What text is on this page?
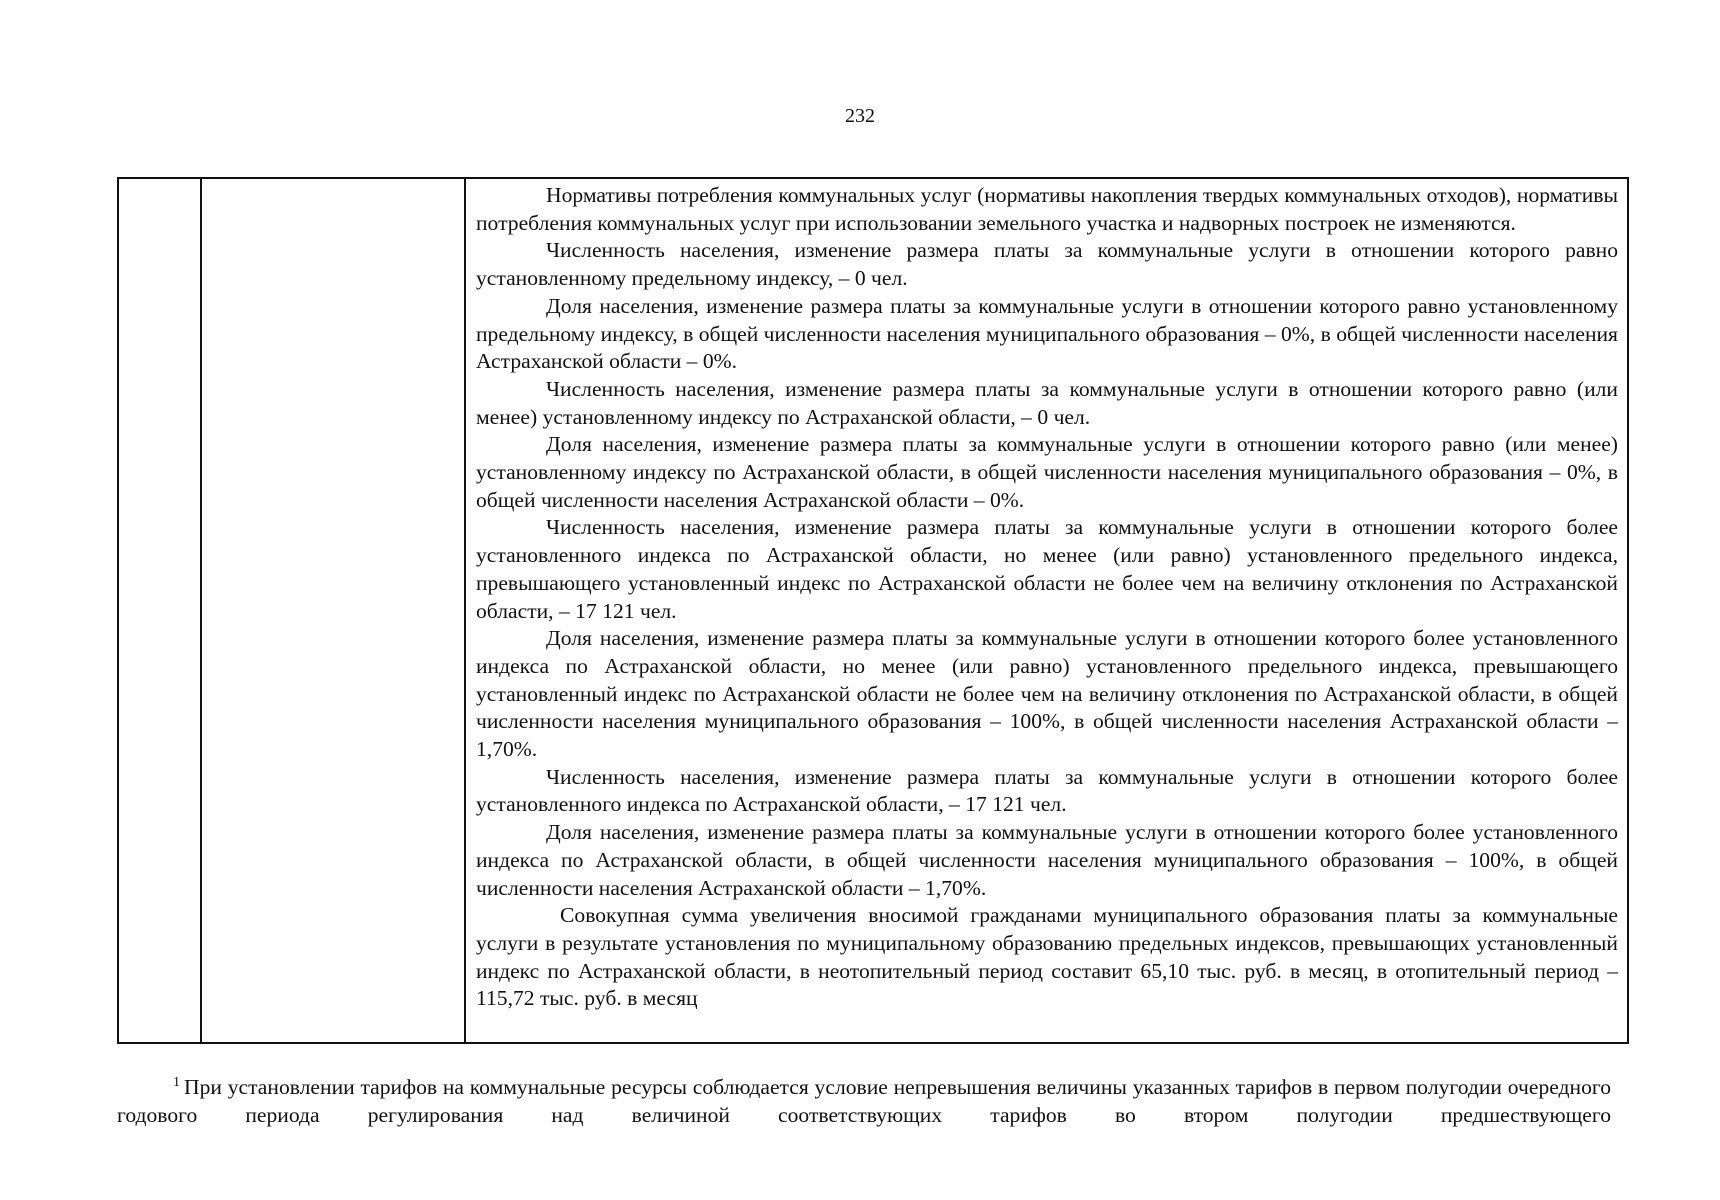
232

Нормативы потребления коммунальных услуг (нормативы накопления твердых коммунальных отходов), нормативы потребления коммунальных услуг при использовании земельного участка и надворных построек не изменяются.

Численность населения, изменение размера платы за коммунальные услуги в отношении которого равно установленному предельному индексу, – 0 чел.

Доля населения, изменение размера платы за коммунальные услуги в отношении которого равно установленному предельному индексу, в общей численности населения муниципального образования – 0%, в общей численности населения Астраханской области – 0%.

Численность населения, изменение размера платы за коммунальные услуги в отношении которого равно (или менее) установленному индексу по Астраханской области, – 0 чел.

Доля населения, изменение размера платы за коммунальные услуги в отношении которого равно (или менее) установленному индексу по Астраханской области, в общей численности населения муниципального образования – 0%, в общей численности населения Астраханской области – 0%.

Численность населения, изменение размера платы за коммунальные услуги в отношении которого более установленного индекса по Астраханской области, но менее (или равно) установленного предельного индекса, превышающего установленный индекс по Астраханской области не более чем на величину отклонения по Астраханской области, – 17 121 чел.

Доля населения, изменение размера платы за коммунальные услуги в отношении которого более установленного индекса по Астраханской области, но менее (или равно) установленного предельного индекса, превышающего установленный индекс по Астраханской области не более чем на величину отклонения по Астраханской области, в общей численности населения муниципального образования – 100%, в общей численности населения Астраханской области – 1,70%.

Численность населения, изменение размера платы за коммунальные услуги в отношении которого более установленного индекса по Астраханской области, – 17 121 чел.

Доля населения, изменение размера платы за коммунальные услуги в отношении которого более установленного индекса по Астраханской области, в общей численности населения муниципального образования – 100%, в общей численности населения Астраханской области – 1,70%.

Совокупная сумма увеличения вносимой гражданами муниципального образования платы за коммунальные услуги в результате установления по муниципальному образованию предельных индексов, превышающих установленный индекс по Астраханской области, в неотопительный период составит 65,10 тыс. руб. в месяц, в отопительный период – 115,72 тыс. руб. в месяц

$^1$ При установлении тарифов на коммунальные ресурсы соблюдается условие непревышения величины указанных тарифов в первом полугодии очередного годового периода регулирования над величиной соответствующих тарифов во втором полугодии предшествующего
